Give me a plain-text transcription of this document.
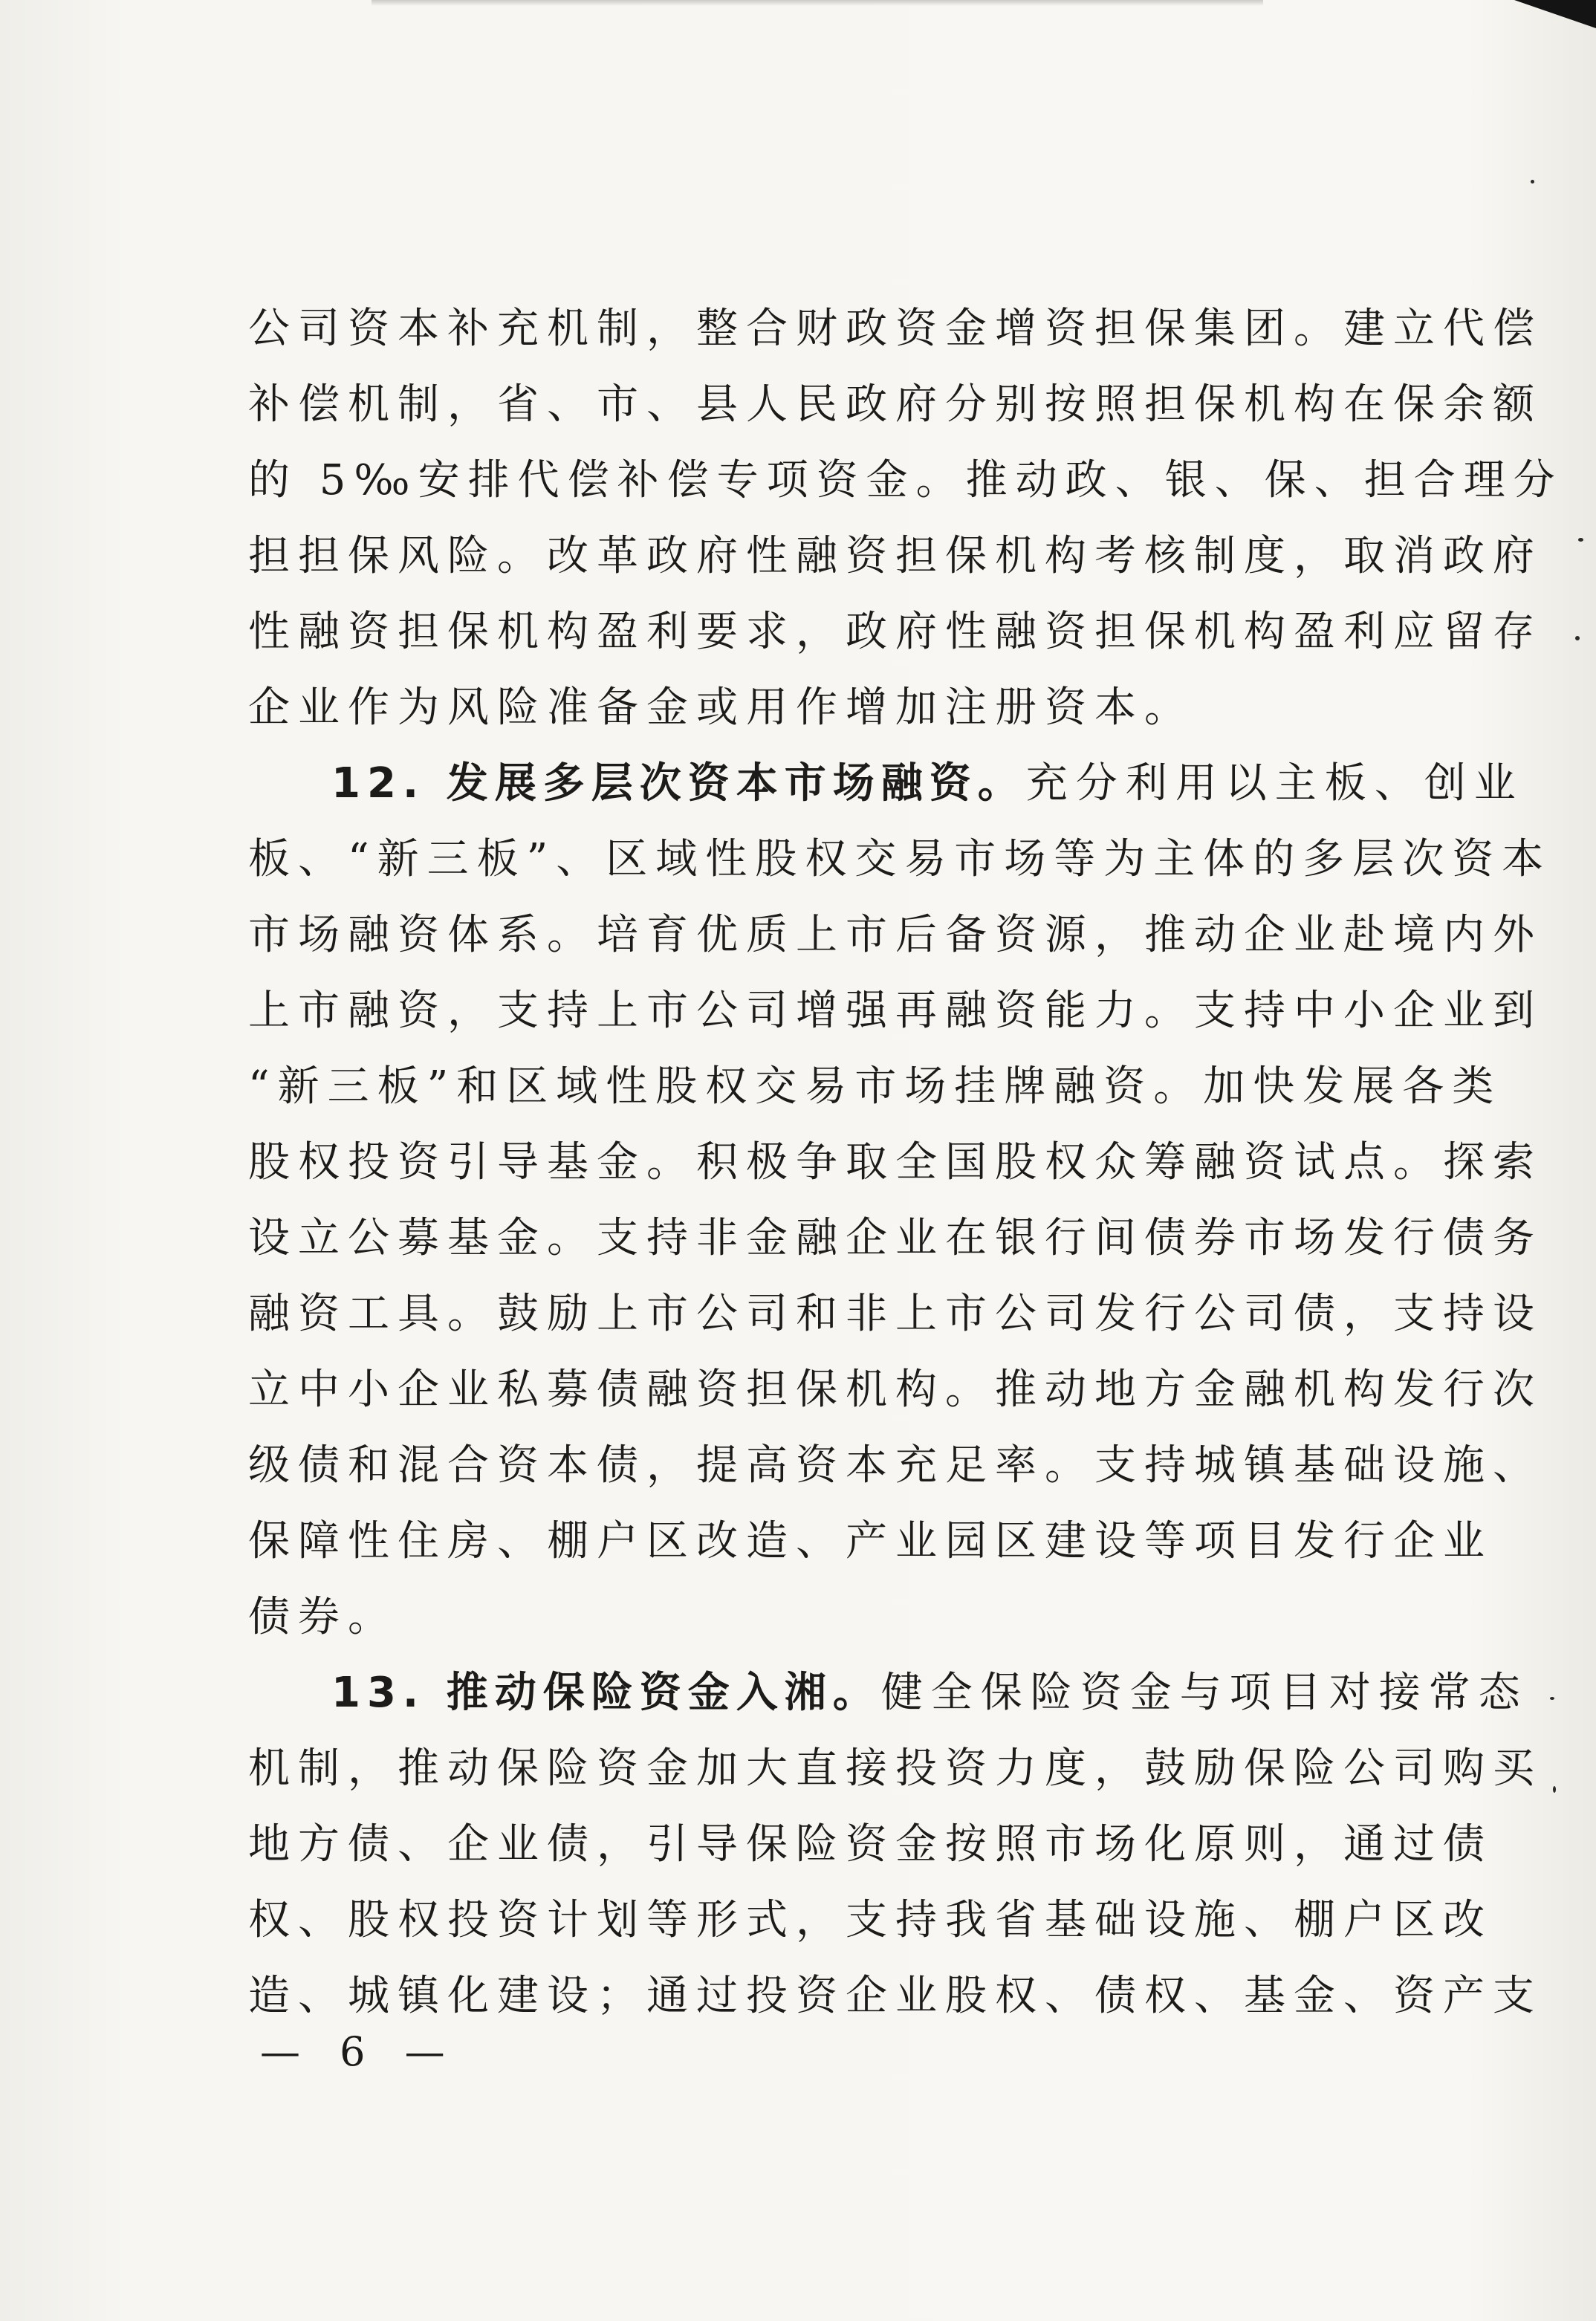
公司资本补充机制，整合财政资金增资担保集团。建立代偿
补偿机制，省、市、县人民政府分别按照担保机构在保余额
的 5‰安排代偿补偿专项资金。推动政、银、保、担合理分
担担保风险。改革政府性融资担保机构考核制度，取消政府
性融资担保机构盈利要求，政府性融资担保机构盈利应留存
企业作为风险准备金或用作增加注册资本。
12. 发展多层次资本市场融资。充分利用以主板、创业
板、“新三板”、区域性股权交易市场等为主体的多层次资本
市场融资体系。培育优质上市后备资源，推动企业赴境内外
上市融资，支持上市公司增强再融资能力。支持中小企业到
“新三板”和区域性股权交易市场挂牌融资。加快发展各类
股权投资引导基金。积极争取全国股权众筹融资试点。探索
设立公募基金。支持非金融企业在银行间债券市场发行债务
融资工具。鼓励上市公司和非上市公司发行公司债，支持设
立中小企业私募债融资担保机构。推动地方金融机构发行次
级债和混合资本债，提高资本充足率。支持城镇基础设施、
保障性住房、棚户区改造、产业园区建设等项目发行企业
债券。
13. 推动保险资金入湘。健全保险资金与项目对接常态
机制，推动保险资金加大直接投资力度，鼓励保险公司购买
地方债、企业债，引导保险资金按照市场化原则，通过债
权、股权投资计划等形式，支持我省基础设施、棚户区改
造、城镇化建设；通过投资企业股权、债权、基金、资产支
— 6 —
